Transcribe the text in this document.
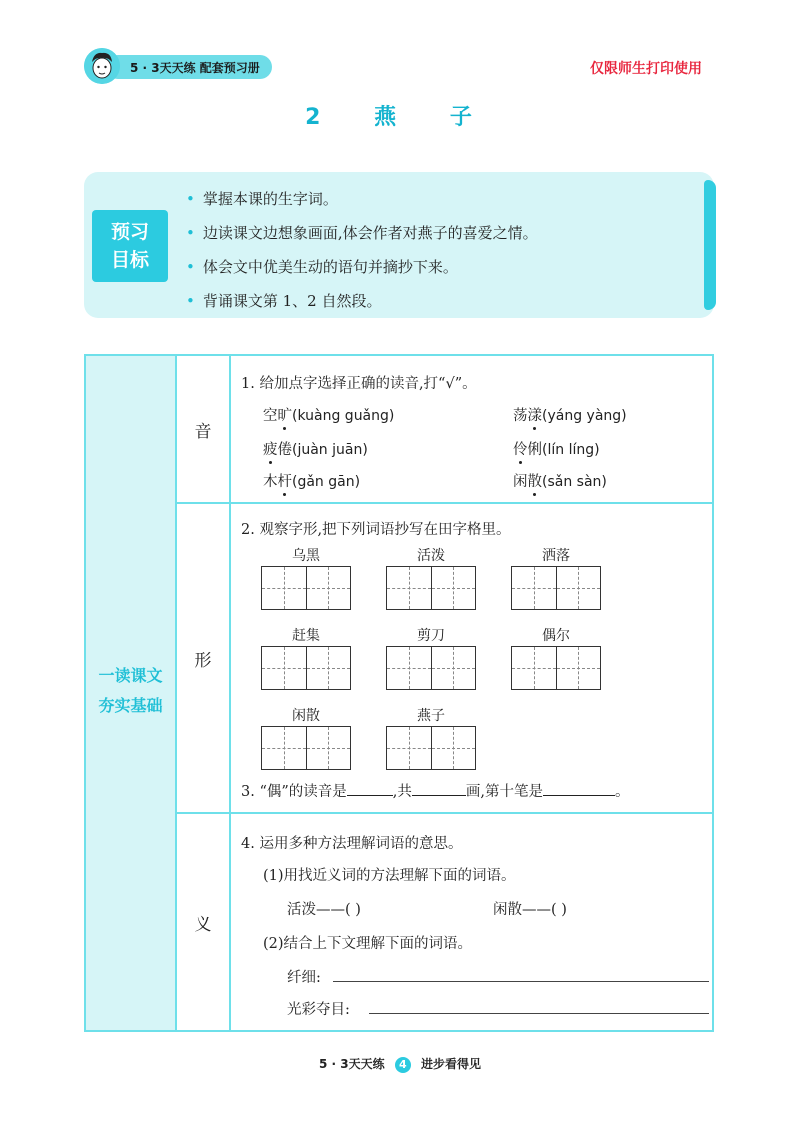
5 · 3天天练 配套预习册	仅限师生打印使用
2 燕 子
预习
目标
• 掌握本课的生字词。
• 边读课文边想象画面,体会作者对燕子的喜爱之情。
• 体会文中优美生动的语句并摘抄下来。
• 背诵课文第 1、2 自然段。
一读课文
夯实基础
音
1. 给加点字选择正确的读音,打“√”。
空旷(kuàng guǎng)	荡漾(yáng yàng)
疲倦(juàn juān)	伶俐(lín líng)
木杆(gǎn gān)	闲散(sǎn sàn)
形
2. 观察字形,把下列词语抄写在田字格里。
乌黑	活泼	洒落
赶集	剪刀	偶尔
闲散	燕子
3. “偶”的读音是	,共	画,第十笔是	。
义
4. 运用多种方法理解词语的意思。
(1)用找近义词的方法理解下面的词语。
活泼——( )	闲散——( )
(2)结合上下文理解下面的词语。
纤细:
光彩夺目:
5 · 3天天练 4 进步看得见
